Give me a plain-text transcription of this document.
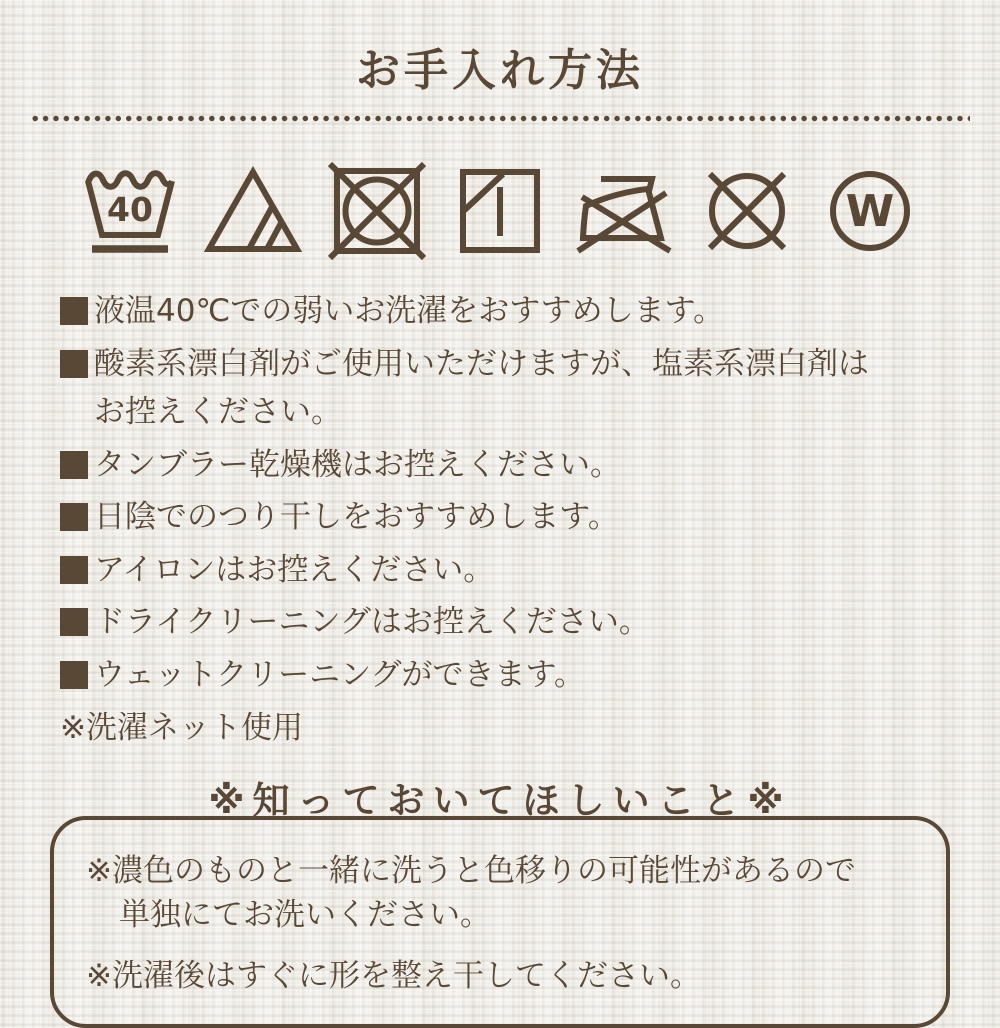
お手入れ方法
40	W
液温40℃での弱いお洗濯をおすすめします。
酸素系漂白剤がご使用いただけますが、塩素系漂白剤は
お控えください。
タンブラー乾燥機はお控えください。
日陰でのつり干しをおすすめします。
アイロンはお控えください。
ドライクリーニングはお控えください。
ウェットクリーニングができます。
※洗濯ネット使用
※知っておいてほしいこと※
※濃色のものと一緒に洗うと色移りの可能性があるので
単独にてお洗いください。
※洗濯後はすぐに形を整え干してください。
